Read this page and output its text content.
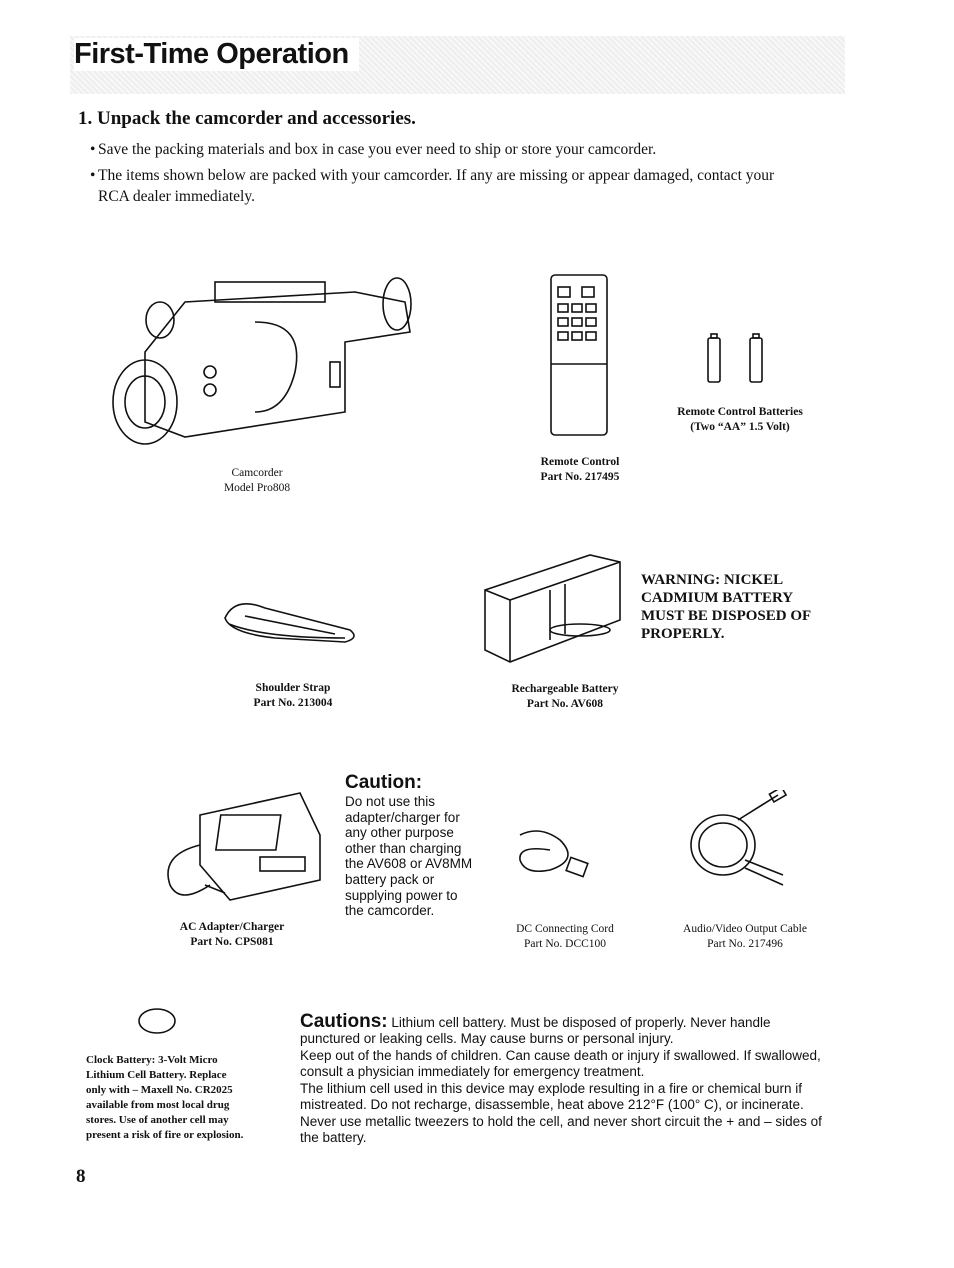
First-Time Operation
1. Unpack the camcorder and accessories.
• Save the packing materials and box in case you ever need to ship or store your camcorder.
• The items shown below are packed with your camcorder. If any are missing or appear damaged, contact your RCA dealer immediately.
Camcorder
Model Pro808
Remote Control
Part No. 217495
Remote Control Batteries
(Two “AA” 1.5 Volt)
WARNING: NICKEL CADMIUM BATTERY MUST BE DISPOSED OF PROPERLY.
Shoulder Strap
Part No. 213004
Rechargeable Battery
Part No. AV608
AC Adapter/Charger
Part No. CPS081
Caution:
Do not use this adapter/charger for any other purpose other than charging the AV608 or AV8MM battery pack or supplying power to the camcorder.
DC Connecting Cord
Part No. DCC100
Audio/Video Output Cable
Part No. 217496
Clock Battery: 3-Volt Micro Lithium Cell Battery. Replace only with – Maxell No. CR2025 available from most local drug stores. Use of another cell may present a risk of fire or explosion.

Cautions: Lithium cell battery. Must be disposed of properly. Never handle punctured or leaking cells. May cause burns or personal injury.

Keep out of the hands of children. Can cause death or injury if swallowed. If swallowed, consult a physician immediately for emergency treatment.

The lithium cell used in this device may explode resulting in a fire or chemical burn if mistreated. Do not recharge, disassemble, heat above 212°F (100° C), or incinerate.

Never use metallic tweezers to hold the cell, and never short circuit the + and – sides of the battery.

8
